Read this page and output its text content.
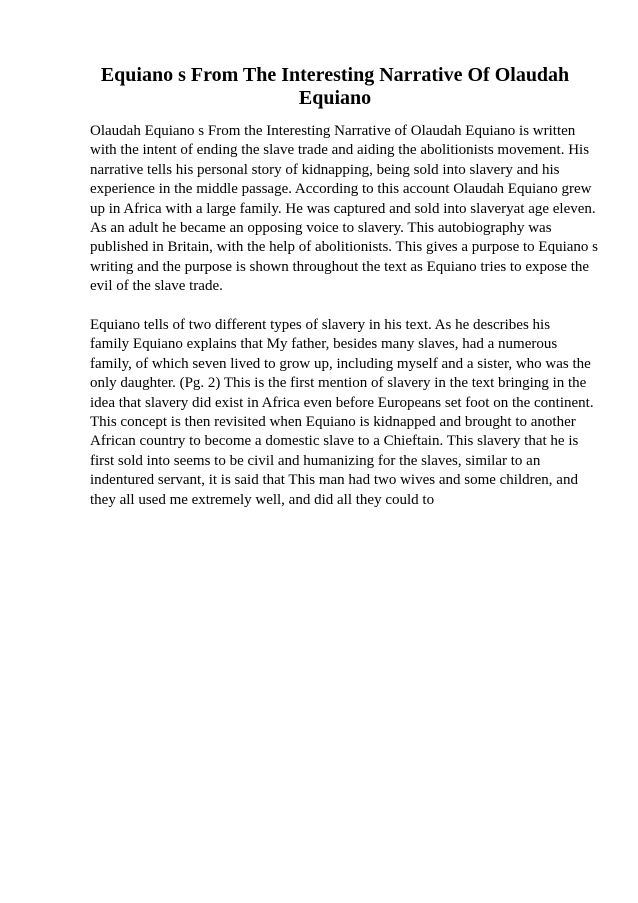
Equiano s From The Interesting Narrative Of Olaudah
Equiano
Olaudah Equiano s From the Interesting Narrative of Olaudah Equiano is written
with the intent of ending the slave trade and aiding the abolitionists movement. His
narrative tells his personal story of kidnapping, being sold into slavery and his
experience in the middle passage. According to this account Olaudah Equiano grew
up in Africa with a large family. He was captured and sold into slaveryat age eleven.
As an adult he became an opposing voice to slavery. This autobiography was
published in Britain, with the help of abolitionists. This gives a purpose to Equiano s
writing and the purpose is shown throughout the text as Equiano tries to expose the
evil of the slave trade.
Equiano tells of two different types of slavery in his text. As he describes his
family Equiano explains that My father, besides many slaves, had a numerous
family, of which seven lived to grow up, including myself and a sister, who was the
only daughter. (Pg. 2) This is the first mention of slavery in the text bringing in the
idea that slavery did exist in Africa even before Europeans set foot on the continent.
This concept is then revisited when Equiano is kidnapped and brought to another
African country to become a domestic slave to a Chieftain. This slavery that he is
first sold into seems to be civil and humanizing for the slaves, similar to an
indentured servant, it is said that This man had two wives and some children, and
they all used me extremely well, and did all they could to
